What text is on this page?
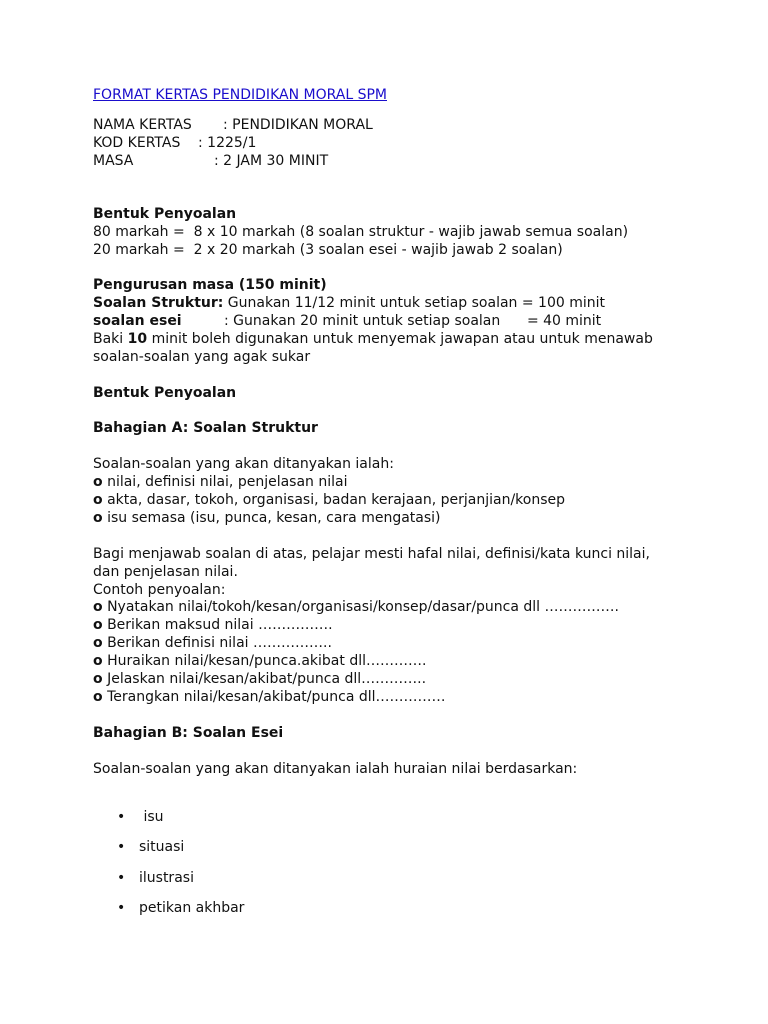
FORMAT KERTAS PENDIDIKAN MORAL SPM
NAMA KERTAS : PENDIDIKAN MORAL
KOD KERTAS : 1225/1
MASA	: 2 JAM 30 MINIT
Bentuk Penyoalan
80 markah =  8 x 10 markah (8 soalan struktur - wajib jawab semua soalan)
20 markah =  2 x 20 markah (3 soalan esei - wajib jawab 2 soalan)
Pengurusan masa (150 minit)
Soalan Struktur: Gunakan 11/12 minit untuk setiap soalan = 100 minit
soalan esei	: Gunakan 20 minit untuk setiap soalan      = 40 minit
Baki 10 minit boleh digunakan untuk menyemak jawapan atau untuk menawab
soalan-soalan yang agak sukar
Bentuk Penyoalan
Bahagian A: Soalan Struktur
Soalan-soalan yang akan ditanyakan ialah:
o nilai, definisi nilai, penjelasan nilai
o akta, dasar, tokoh, organisasi, badan kerajaan, perjanjian/konsep
o isu semasa (isu, punca, kesan, cara mengatasi)
Bagi menjawab soalan di atas, pelajar mesti hafal nilai, definisi/kata kunci nilai,
dan penjelasan nilai.
Contoh penyoalan:
o Nyatakan nilai/tokoh/kesan/organisasi/konsep/dasar/punca dll …………….
o Berikan maksud nilai …………….
o Berikan definisi nilai ……………..
o Huraikan nilai/kesan/punca.akibat dll………….
o Jelaskan nilai/kesan/akibat/punca dll…………..
o Terangkan nilai/kesan/akibat/punca dll……………
Bahagian B: Soalan Esei
Soalan-soalan yang akan ditanyakan ialah huraian nilai berdasarkan:
• isu
• situasi
• ilustrasi
• petikan akhbar
